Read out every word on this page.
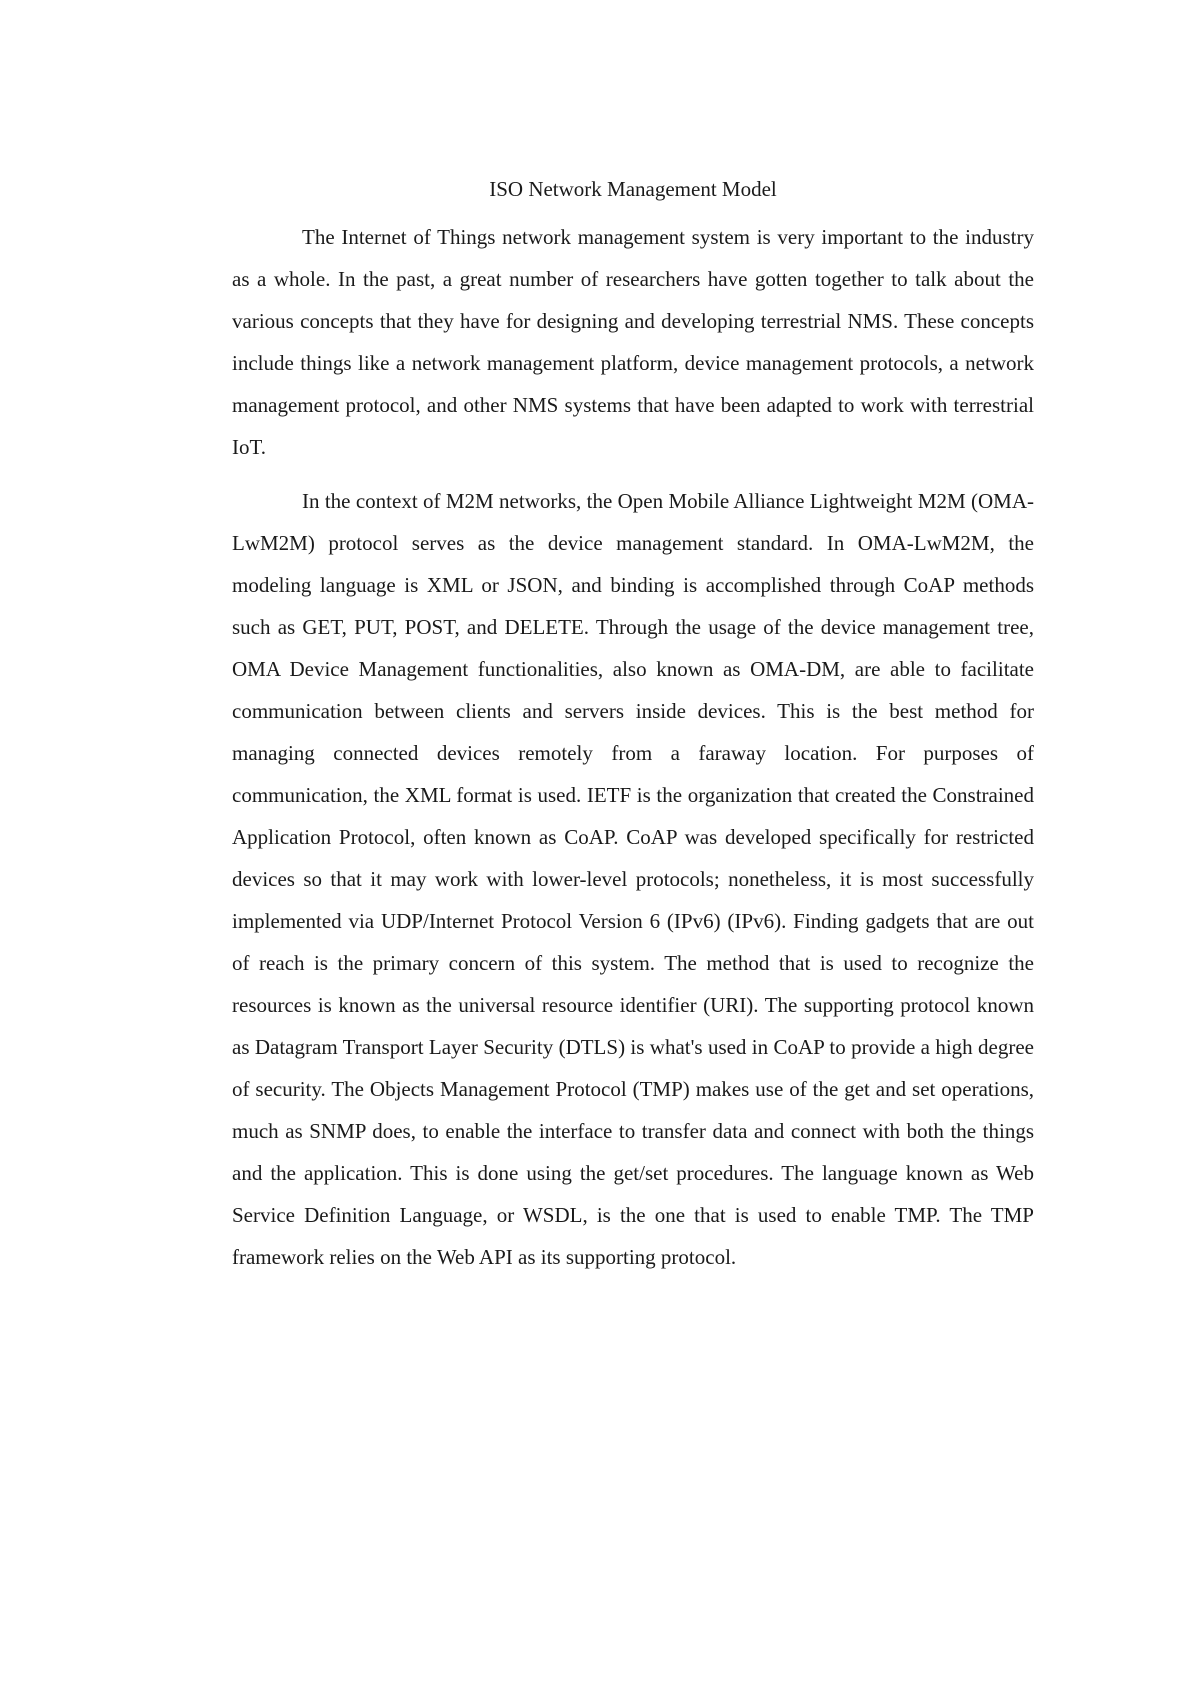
ISO Network Management Model

The Internet of Things network management system is very important to the industry as a whole. In the past, a great number of researchers have gotten together to talk about the various concepts that they have for designing and developing terrestrial NMS. These concepts include things like a network management platform, device management protocols, a network management protocol, and other NMS systems that have been adapted to work with terrestrial IoT.

In the context of M2M networks, the Open Mobile Alliance Lightweight M2M (OMA-LwM2M) protocol serves as the device management standard. In OMA-LwM2M, the modeling language is XML or JSON, and binding is accomplished through CoAP methods such as GET, PUT, POST, and DELETE. Through the usage of the device management tree, OMA Device Management functionalities, also known as OMA-DM, are able to facilitate communication between clients and servers inside devices. This is the best method for managing connected devices remotely from a faraway location. For purposes of communication, the XML format is used. IETF is the organization that created the Constrained Application Protocol, often known as CoAP. CoAP was developed specifically for restricted devices so that it may work with lower-level protocols; nonetheless, it is most successfully implemented via UDP/Internet Protocol Version 6 (IPv6) (IPv6). Finding gadgets that are out of reach is the primary concern of this system. The method that is used to recognize the resources is known as the universal resource identifier (URI). The supporting protocol known as Datagram Transport Layer Security (DTLS) is what's used in CoAP to provide a high degree of security. The Objects Management Protocol (TMP) makes use of the get and set operations, much as SNMP does, to enable the interface to transfer data and connect with both the things and the application. This is done using the get/set procedures. The language known as Web Service Definition Language, or WSDL, is the one that is used to enable TMP. The TMP framework relies on the Web API as its supporting protocol.
